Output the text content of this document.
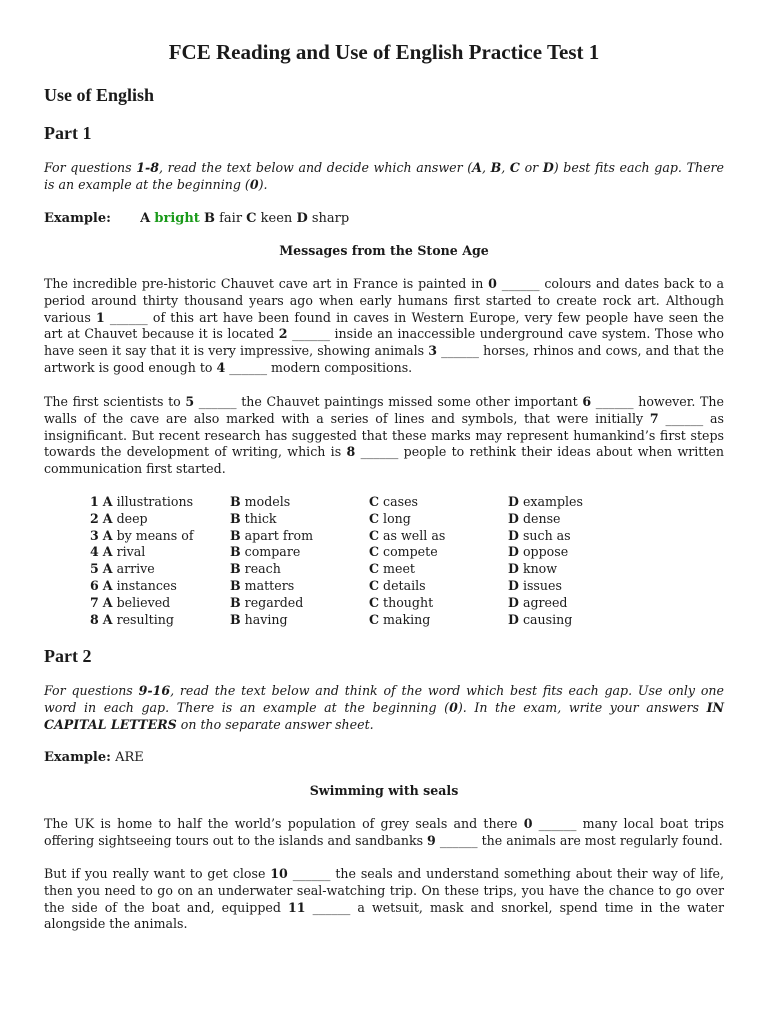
FCE Reading and Use of English Practice Test 1
Use of English
Part 1
For questions 1-8, read the text below and decide which answer (A, B, C or D) best fits each gap. There is an example at the beginning (0).
Example: A bright B fair C keen D sharp
Messages from the Stone Age
The incredible pre-historic Chauvet cave art in France is painted in 0 ______ colours and dates back to a period around thirty thousand years ago when early humans first started to create rock art. Although various 1 ______ of this art have been found in caves in Western Europe, very few people have seen the art at Chauvet because it is located 2 ______ inside an inaccessible underground cave system. Those who have seen it say that it is very impressive, showing animals 3 ______ horses, rhinos and cows, and that the artwork is good enough to 4 ______ modern compositions.
The first scientists to 5 ______ the Chauvet paintings missed some other important 6 ______ however. The walls of the cave are also marked with a series of lines and symbols, that were initially 7 ______ as insignificant. But recent research has suggested that these marks may represent humankind’s first steps towards the development of writing, which is 8 ______ people to rethink their ideas about when written communication first started.
1 A illustrations	B models	C cases	D examples
2 A deep	B thick	C long	D dense
3 A by means of	B apart from	C as well as	D such as
4 A rival	B compare	C compete	D oppose
5 A arrive	B reach	C meet	D know
6 A instances	B matters	C details	D issues
7 A believed	B regarded	C thought	D agreed
8 A resulting	B having	C making	D causing
Part 2
For questions 9-16, read the text below and think of the word which best fits each gap. Use only one word in each gap. There is an example at the beginning (0). In the exam, write your answers IN CAPITAL LETTERS on tho separate answer sheet.
Example: ARE
Swimming with seals
The UK is home to half the world’s population of grey seals and there 0 ______ many local boat trips offering sightseeing tours out to the islands and sandbanks 9 ______ the animals are most regularly found.
But if you really want to get close 10 ______ the seals and understand something about their way of life, then you need to go on an underwater seal-watching trip. On these trips, you have the chance to go over the side of the boat and, equipped 11 ______ a wetsuit, mask and snorkel, spend time in the water alongside the animals.
